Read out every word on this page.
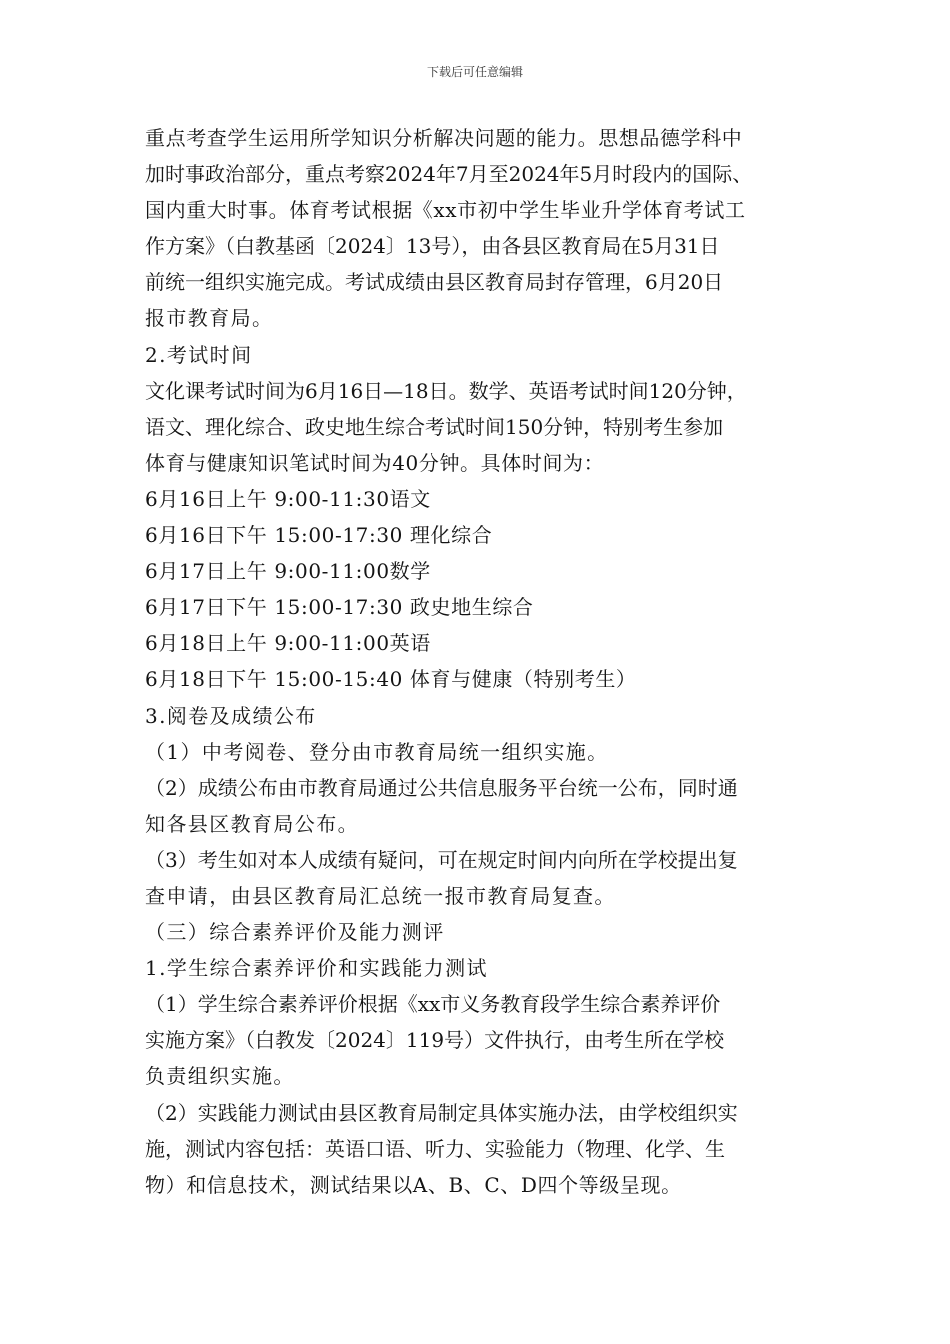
下载后可任意编辑
重点考查学生运用所学知识分析解决问题的能力。思想品德学科中
加时事政治部分，重点考察2024年7月至2024年5月时段内的国际、
国内重大时事。体育考试根据《xx市初中学生毕业升学体育考试工
作方案》（白教基函〔2024〕13号），由各县区教育局在5月31日
前统一组织实施完成。考试成绩由县区教育局封存管理，6月20日
报市教育局。
2.考试时间
文化课考试时间为6月16日—18日。数学、英语考试时间120分钟，
语文、理化综合、政史地生综合考试时间150分钟，特别考生参加
体育与健康知识笔试时间为40分钟。具体时间为：
6月16日上午 9:00-11:30语文
6月16日下午 15:00-17:30 理化综合
6月17日上午 9:00-11:00数学
6月17日下午 15:00-17:30 政史地生综合
6月18日上午 9:00-11:00英语
6月18日下午 15:00-15:40 体育与健康（特别考生）
3.阅卷及成绩公布
（1）中考阅卷、登分由市教育局统一组织实施。
（2）成绩公布由市教育局通过公共信息服务平台统一公布，同时通
知各县区教育局公布。
（3）考生如对本人成绩有疑问，可在规定时间内向所在学校提出复
查申请，由县区教育局汇总统一报市教育局复查。
（三）综合素养评价及能力测评
1.学生综合素养评价和实践能力测试
（1）学生综合素养评价根据《xx市义务教育段学生综合素养评价
实施方案》（白教发〔2024〕119号）文件执行，由考生所在学校
负责组织实施。
（2）实践能力测试由县区教育局制定具体实施办法，由学校组织实
施，测试内容包括：英语口语、听力、实验能力（物理、化学、生
物）和信息技术，测试结果以A、B、C、D四个等级呈现。
